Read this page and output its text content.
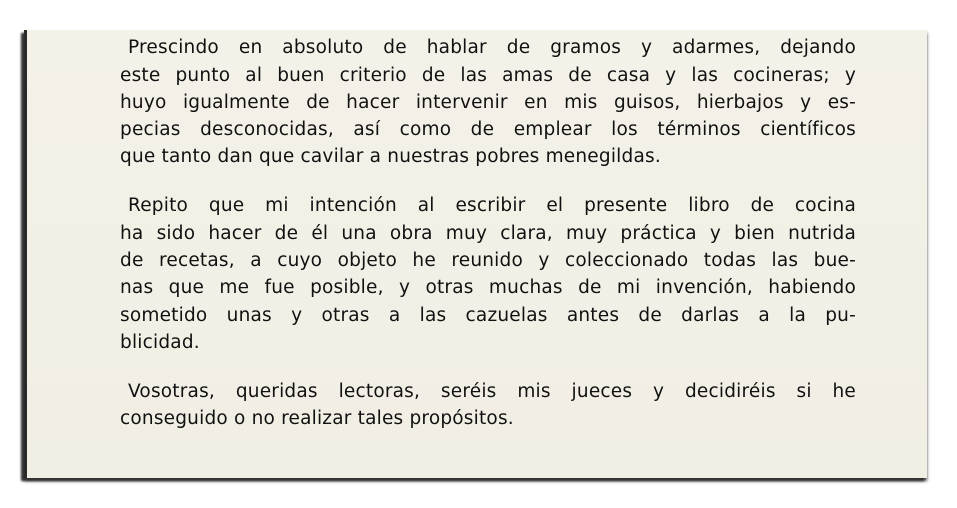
Prescindo en absoluto de hablar de gramos y adarmes, dejando
este punto al buen criterio de las amas de casa y las cocineras; y
huyo igualmente de hacer intervenir en mis guisos, hierbajos y es-
pecias desconocidas, así como de emplear los términos científicos
que tanto dan que cavilar a nuestras pobres menegildas.
Repito que mi intención al escribir el presente libro de cocina
ha sido hacer de él una obra muy clara, muy práctica y bien nutrida
de recetas, a cuyo objeto he reunido y coleccionado todas las bue-
nas que me fue posible, y otras muchas de mi invención, habiendo
sometido unas y otras a las cazuelas antes de darlas a la pu-
blicidad.
Vosotras, queridas lectoras, seréis mis jueces y decidiréis si he
conseguido o no realizar tales propósitos.
